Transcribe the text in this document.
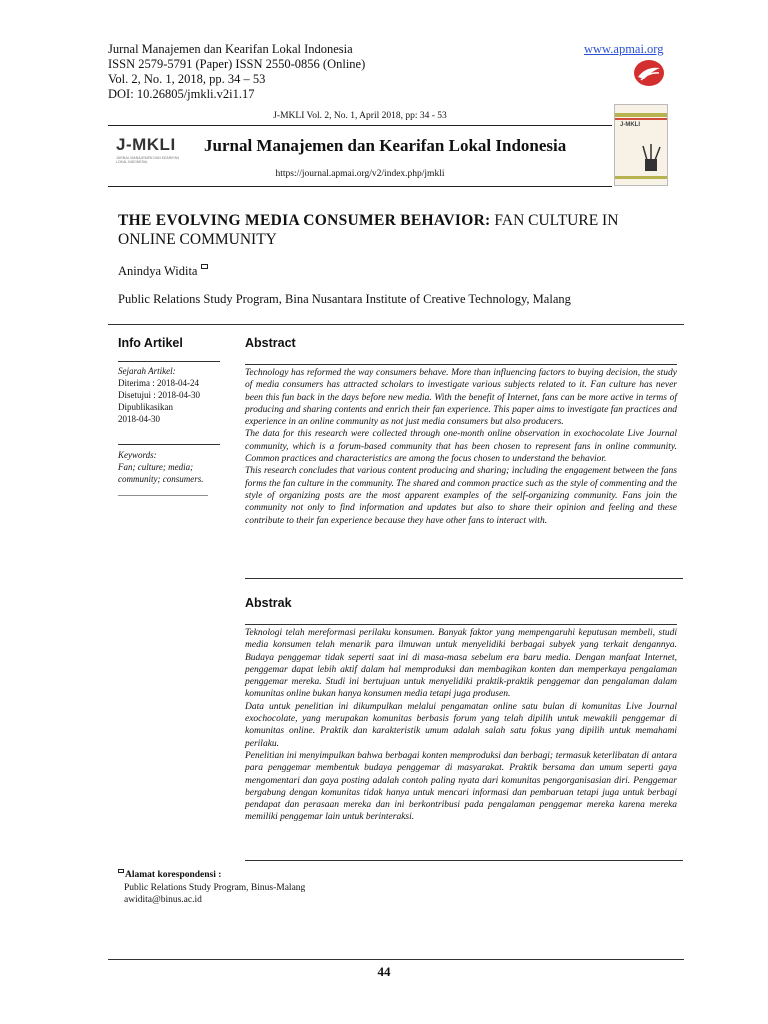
Jurnal Manajemen dan Kearifan Lokal Indonesia
ISSN 2579-5791 (Paper) ISSN 2550-0856 (Online)
Vol. 2, No. 1, 2018, pp. 34 – 53
DOI: 10.26805/jmkli.v2i1.17
www.apmai.org
J-MKLI Vol. 2, No. 1, April 2018, pp: 34 - 53
J-MKLI
JURNAL MANAJEMEN DAN KEARIFAN LOKAL INDONESIA
Jurnal Manajemen dan Kearifan Lokal Indonesia
https://journal.apmai.org/v2/index.php/jmkli
J-MKLI
THE EVOLVING MEDIA CONSUMER BEHAVIOR: FAN CULTURE IN ONLINE COMMUNITY
Anindya Widita
Public Relations Study Program, Bina Nusantara Institute of Creative Technology, Malang
Info Artikel
Sejarah Artikel:
Diterima : 2018-04-24
Disetujui : 2018-04-30
Dipublikasikan
2018-04-30
Keywords:
Fan; culture; media;
community; consumers.
____________________
Abstract

Technology has reformed the way consumers behave. More than influencing factors to buying decision, the study of media consumers has attracted scholars to investigate various subjects related to it. Fan culture has never been this fun back in the days before new media. With the benefit of Internet, fans can be more active in terms of producing and sharing contents and enrich their fan experience. This paper aims to investigate fan practices and experience in an online community as not just media consumers but also producers.

The data for this research were collected through one-month online observation in exochocolate Live Journal community, which is a forum-based community that has been chosen to represent fans in online community. Common practices and characteristics are among the focus chosen to understand the behavior.

This research concludes that various content producing and sharing; including the engagement between the fans forms the fan culture in the community. The shared and common practice such as the style of commenting and the style of organizing posts are the most apparent examples of the self-organizing community. Fans join the community not only to find information and updates but also to share their opinion and feeling and these contribute to their fan experience because they have other fans to interact with.

Abstrak

Teknologi telah mereformasi perilaku konsumen. Banyak faktor yang mempengaruhi keputusan membeli, studi media konsumen telah menarik para ilmuwan untuk menyelidiki berbagai subyek yang terkait dengannya. Budaya penggemar tidak seperti saat ini di masa-masa sebelum era baru media. Dengan manfaat Internet, penggemar dapat lebih aktif dalam hal memproduksi dan membagikan konten dan memperkaya pengalaman penggemar mereka. Studi ini bertujuan untuk menyelidiki praktik-praktik penggemar dan pengalaman dalam komunitas online bukan hanya konsumen media tetapi juga produsen.

Data untuk penelitian ini dikumpulkan melalui pengamatan online satu bulan di komunitas Live Journal exochocolate, yang merupakan komunitas berbasis forum yang telah dipilih untuk mewakili penggemar di komunitas online. Praktik dan karakteristik umum adalah salah satu fokus yang dipilih untuk memahami perilaku.

Penelitian ini menyimpulkan bahwa berbagai konten memproduksi dan berbagi; termasuk keterlibatan di antara para penggemar membentuk budaya penggemar di masyarakat. Praktik bersama dan umum seperti gaya mengomentari dan gaya posting adalah contoh paling nyata dari komunitas pengorganisasian diri. Penggemar bergabung dengan komunitas tidak hanya untuk mencari informasi dan pembaruan tetapi juga untuk berbagi pendapat dan perasaan mereka dan ini berkontribusi pada pengalaman penggemar mereka karena mereka memiliki penggemar lain untuk berinteraksi.

Alamat korespondensi :
Public Relations Study Program, Binus-Malang
awidita@binus.ac.id
44
